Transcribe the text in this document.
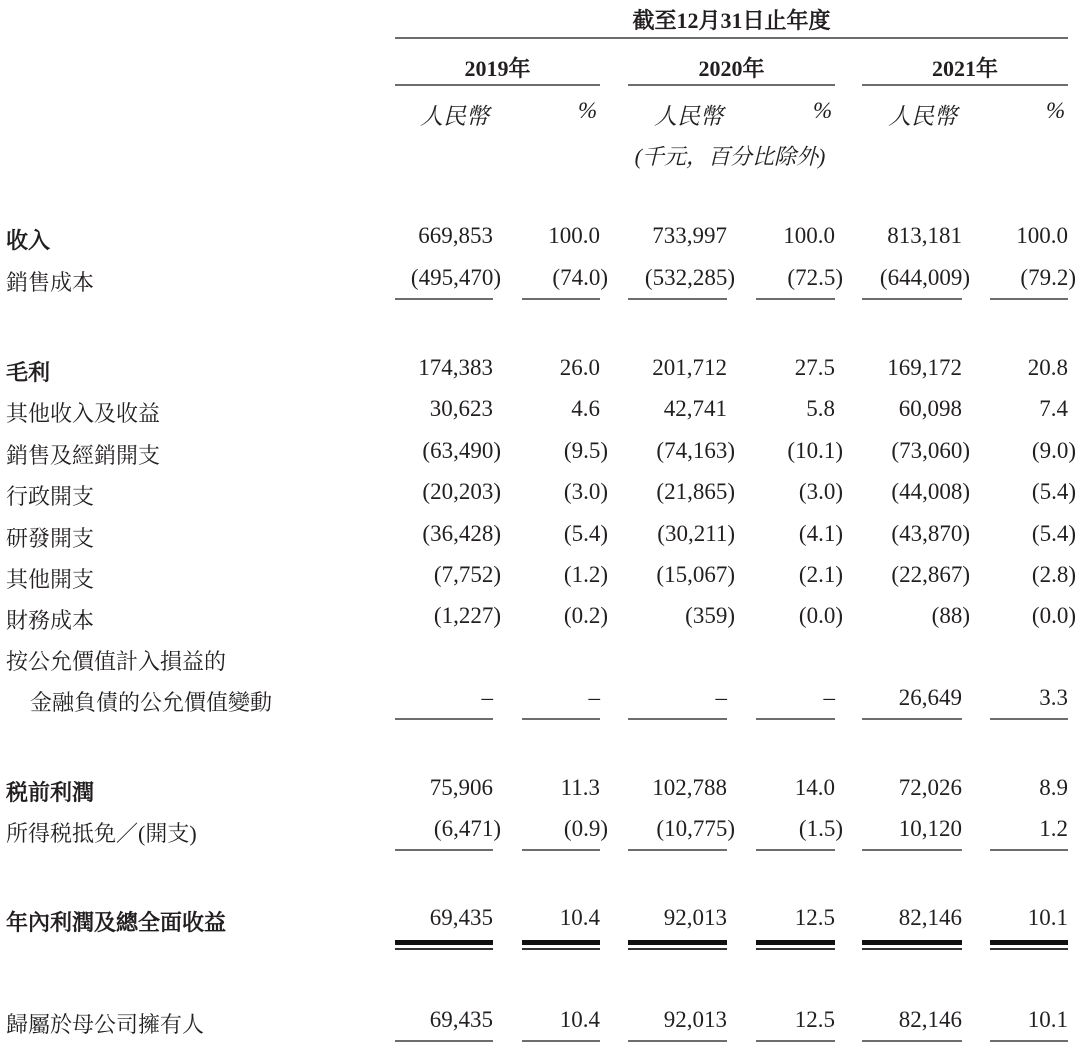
截至12月31日止年度
2019年	2020年	2021年
人民幣	% 人民幣	% 人民幣	%
(千元，百分比除外)
收入	669,853	100.0	733,997	100.0	813,181	100.0
銷售成本	(495,470)	(74.0)	(532,285)	(72.5)	(644,009)	(79.2)
毛利	174,383	26.0	201,712	27.5	169,172	20.8
其他收入及收益	30,623	4.6	42,741	5.8	60,098	7.4
銷售及經銷開支	(63,490)	(9.5)	(74,163)	(10.1)	(73,060)	(9.0)
行政開支	(20,203)	(3.0)	(21,865)	(3.0)	(44,008)	(5.4)
研發開支	(36,428)	(5.4)	(30,211)	(4.1)	(43,870)	(5.4)
其他開支	(7,752)	(1.2)	(15,067)	(2.1)	(22,867)	(2.8)
財務成本	(1,227)	(0.2)	(359)	(0.0)	(88)	(0.0)
按公允價值計入損益的
金融負債的公允價值變動	–	–	–	–	26,649	3.3
税前利潤	75,906	11.3	102,788	14.0	72,026	8.9
所得税抵免／(開支)	(6,471)	(0.9)	(10,775)	(1.5)	10,120	1.2
年內利潤及總全面收益	69,435	10.4	92,013	12.5	82,146	10.1
歸屬於母公司擁有人	69,435	10.4	92,013	12.5	82,146	10.1
